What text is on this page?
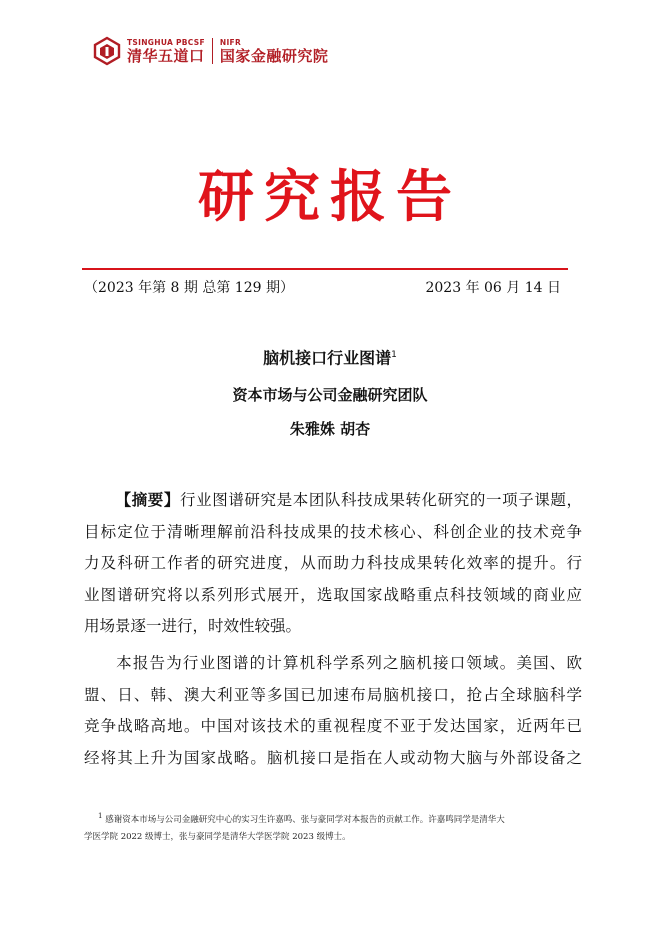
TSINGHUA PBCSF
清华五道口
NIFR
国家金融研究院
研究报告
（2023 年第 8 期 总第 129 期）	2023 年 06 月 14 日
脑机接口行业图谱$^1$
资本市场与公司金融研究团队
朱雅姝 胡杏
【摘要】行业图谱研究是本团队科技成果转化研究的一项子课题，
目标定位于清晰理解前沿科技成果的技术核心、科创企业的技术竞争
力及科研工作者的研究进度，从而助力科技成果转化效率的提升。行
业图谱研究将以系列形式展开，选取国家战略重点科技领域的商业应
用场景逐一进行，时效性较强。
本报告为行业图谱的计算机科学系列之脑机接口领域。美国、欧
盟、日、韩、澳大利亚等多国已加速布局脑机接口，抢占全球脑科学
竞争战略高地。中国对该技术的重视程度不亚于发达国家，近两年已
经将其上升为国家战略。脑机接口是指在人或动物大脑与外部设备之
$^1$ 感谢资本市场与公司金融研究中心的实习生许嘉鸣、张与豪同学对本报告的贡献工作。许嘉鸣同学是清华大
学医学院 2022 级博士，张与豪同学是清华大学医学院 2023 级博士。
